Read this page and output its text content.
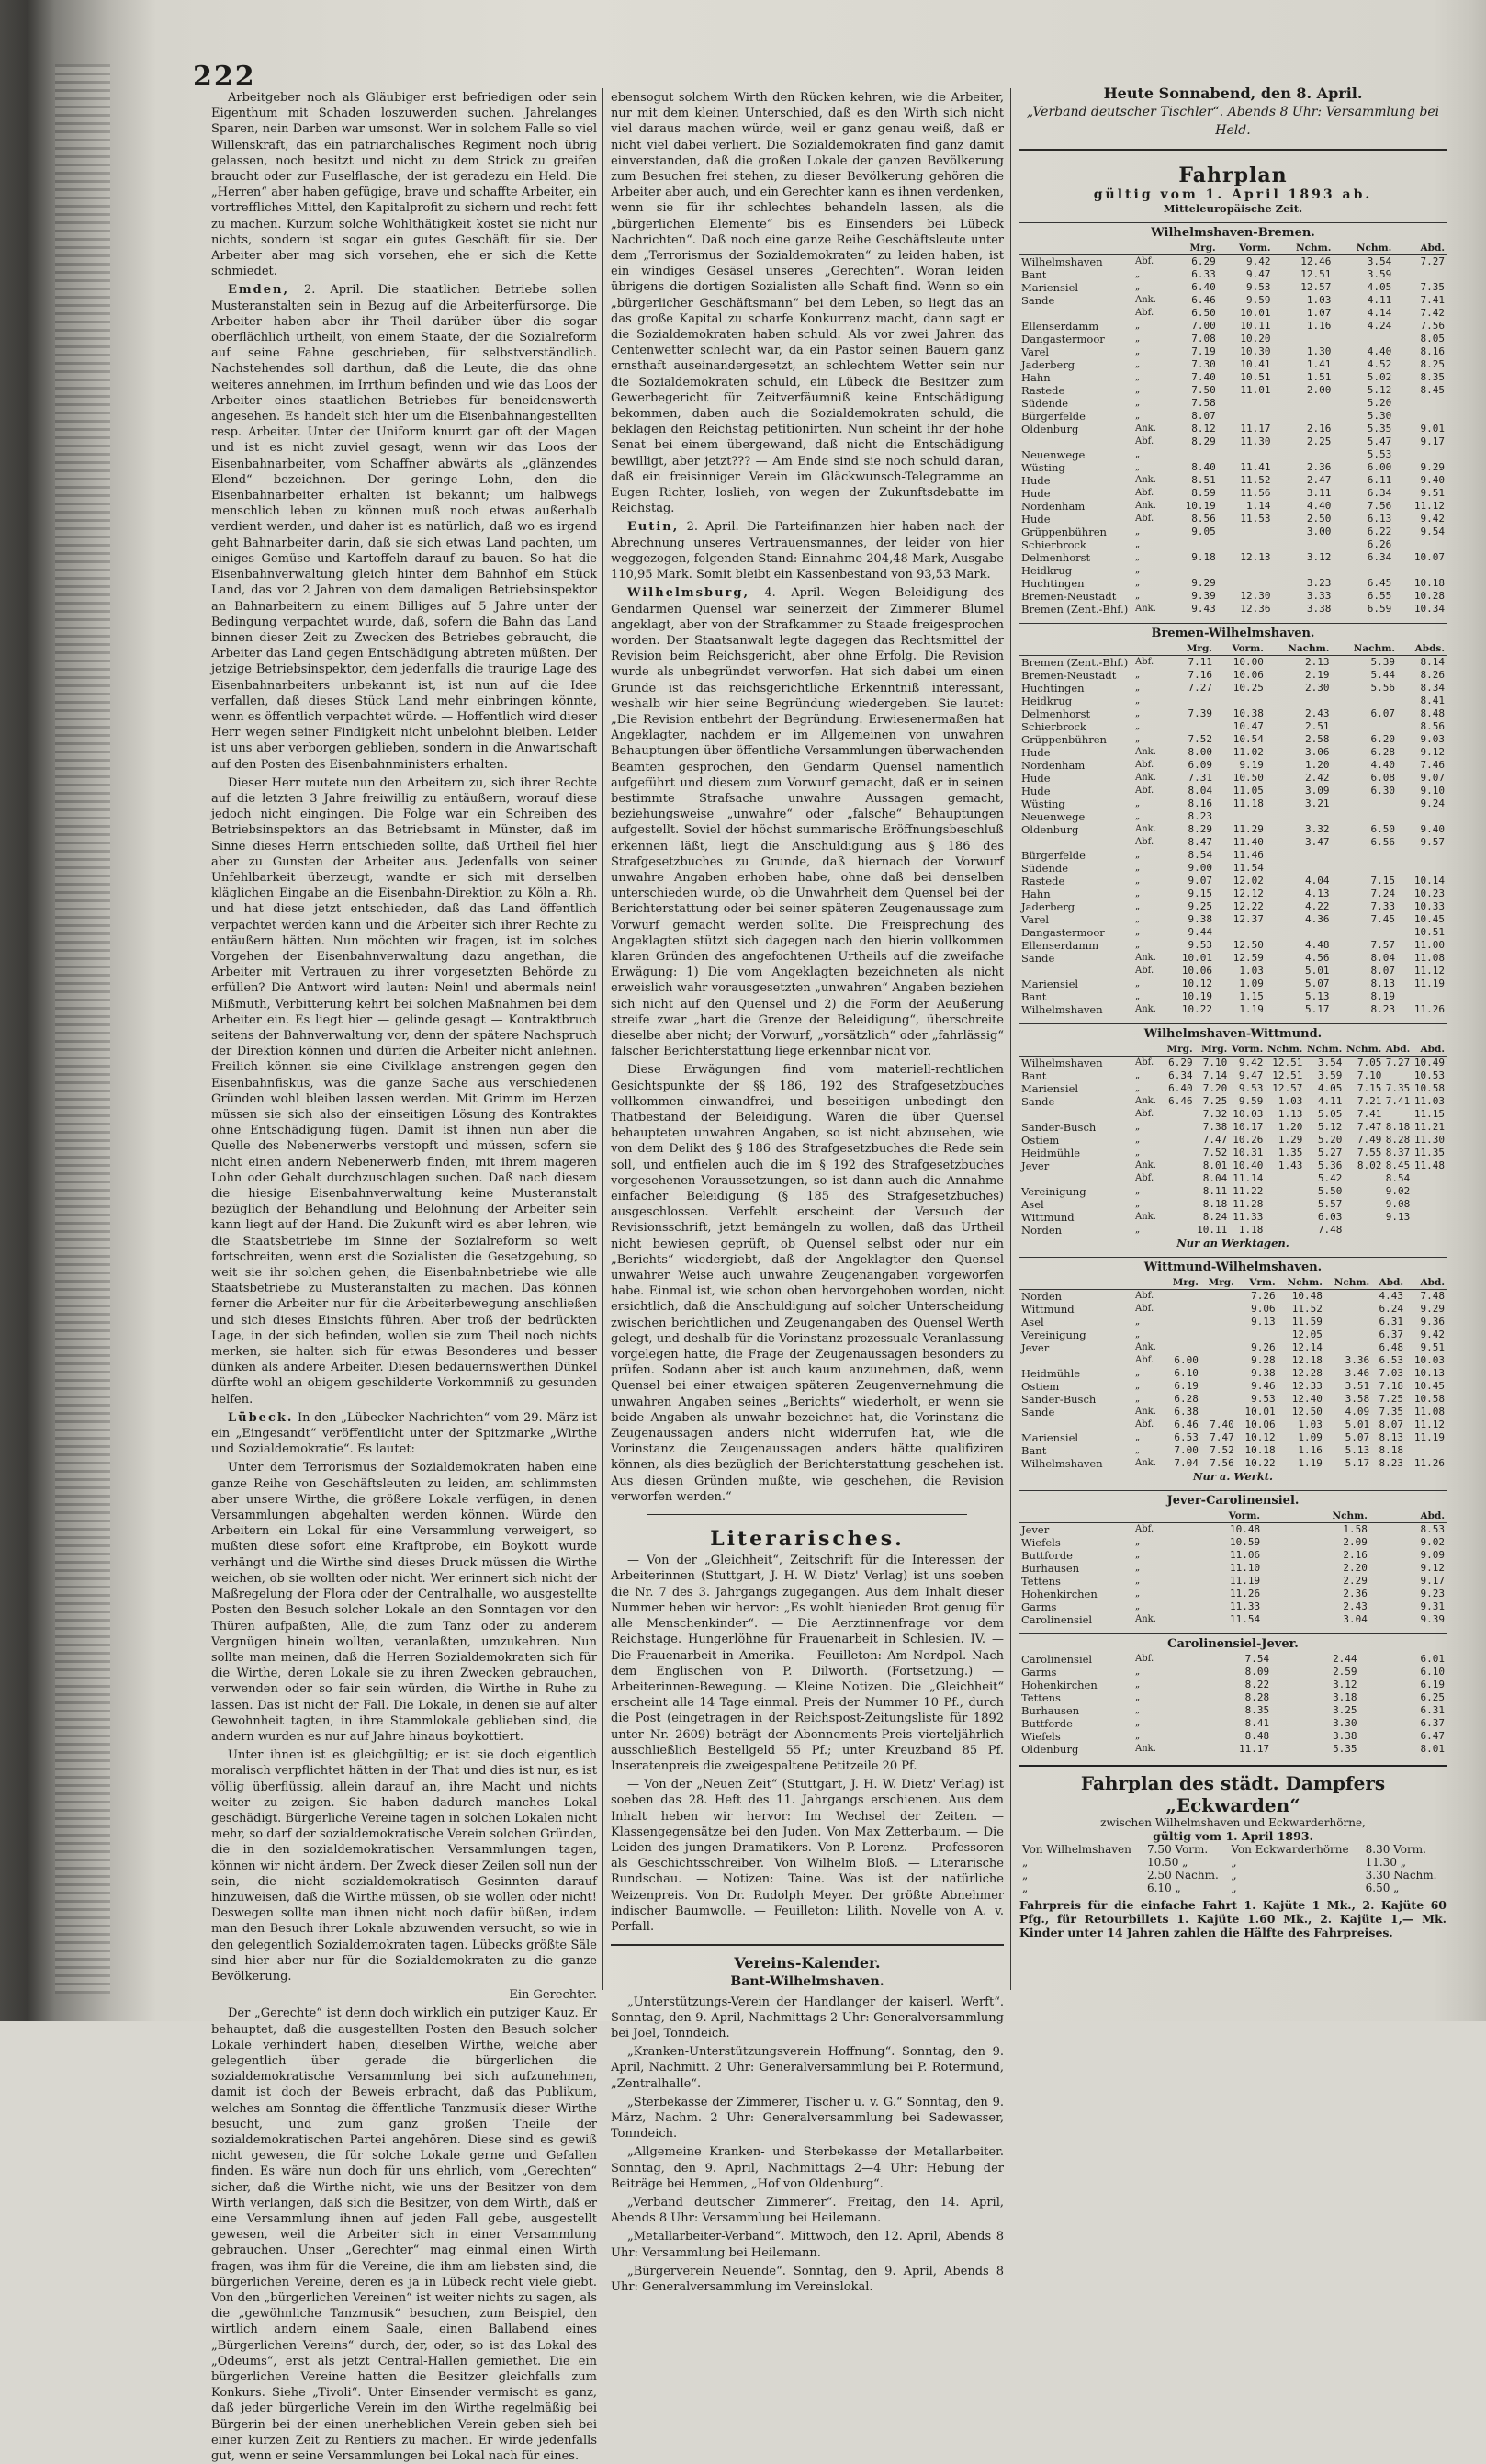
222

Arbeitgeber noch als Gläubiger erst befriedigen oder sein Eigenthum mit Schaden loszuwerden suchen. Jahrelanges Sparen, nein Darben war umsonst. Wer in solchem Falle so viel Willenskraft, das ein patriarchalisches Regiment noch übrig gelassen, noch besitzt und nicht zu dem Strick zu greifen braucht oder zur Fuselflasche, der ist geradezu ein Held. Die „Herren“ aber haben gefügige, brave und schaffte Arbeiter, ein vortreffliches Mittel, den Kapitalprofit zu sichern und recht fett zu machen. Kurzum solche Wohlthätigkeit kostet sie nicht nur nichts, sondern ist sogar ein gutes Geschäft für sie. Der Arbeiter aber mag sich vorsehen, ehe er sich die Kette schmiedet.

Emden, 2. April. Die staatlichen Betriebe sollen Musteranstalten sein in Bezug auf die Arbeiterfürsorge. Die Arbeiter haben aber ihr Theil darüber über die sogar oberflächlich urtheilt, von einem Staate, der die Sozialreform auf seine Fahne geschrieben, für selbstverständlich. Nachstehendes soll darthun, daß die Leute, die das ohne weiteres annehmen, im Irrthum befinden und wie das Loos der Arbeiter eines staatlichen Betriebes für beneidenswerth angesehen. Es handelt sich hier um die Eisenbahnangestellten resp. Arbeiter. Unter der Uniform knurrt gar oft der Magen und ist es nicht zuviel gesagt, wenn wir das Loos der Eisenbahnarbeiter, vom Schaffner abwärts als „glänzendes Elend“ bezeichnen. Der geringe Lohn, den die Eisenbahnarbeiter erhalten ist bekannt; um halbwegs menschlich leben zu können muß noch etwas außerhalb verdient werden, und daher ist es natürlich, daß wo es irgend geht Bahnarbeiter darin, daß sie sich etwas Land pachten, um einiges Gemüse und Kartoffeln darauf zu bauen. So hat die Eisenbahnverwaltung gleich hinter dem Bahnhof ein Stück Land, das vor 2 Jahren von dem damaligen Betriebsinspektor an Bahnarbeitern zu einem Billiges auf 5 Jahre unter der Bedingung verpachtet wurde, daß, sofern die Bahn das Land binnen dieser Zeit zu Zwecken des Betriebes gebraucht, die Arbeiter das Land gegen Entschädigung abtreten müßten. Der jetzige Betriebsinspektor, dem jedenfalls die traurige Lage des Eisenbahnarbeiters unbekannt ist, ist nun auf die Idee verfallen, daß dieses Stück Land mehr einbringen könnte, wenn es öffentlich verpachtet würde. — Hoffentlich wird dieser Herr wegen seiner Findigkeit nicht unbelohnt bleiben. Leider ist uns aber verborgen geblieben, sondern in die Anwartschaft auf den Posten des Eisenbahnministers erhalten.

Dieser Herr mutete nun den Arbeitern zu, sich ihrer Rechte auf die letzten 3 Jahre freiwillig zu entäußern, worauf diese jedoch nicht eingingen. Die Folge war ein Schreiben des Betriebsinspektors an das Betriebsamt in Münster, daß im Sinne dieses Herrn entschieden sollte, daß Urtheil fiel hier aber zu Gunsten der Arbeiter aus. Jedenfalls von seiner Unfehlbarkeit überzeugt, wandte er sich mit derselben kläglichen Eingabe an die Eisenbahn-Direktion zu Köln a. Rh. und hat diese jetzt entschieden, daß das Land öffentlich verpachtet werden kann und die Arbeiter sich ihrer Rechte zu entäußern hätten. Nun möchten wir fragen, ist im solches Vorgehen der Eisenbahnverwaltung dazu angethan, die Arbeiter mit Vertrauen zu ihrer vorgesetzten Behörde zu erfüllen? Die Antwort wird lauten: Nein! und abermals nein! Mißmuth, Verbitterung kehrt bei solchen Maßnahmen bei dem Arbeiter ein. Es liegt hier — gelinde gesagt — Kontraktbruch seitens der Bahnverwaltung vor, denn der spätere Nachspruch der Direktion können und dürfen die Arbeiter nicht anlehnen. Freilich können sie eine Civilklage anstrengen gegen den Eisenbahnfiskus, was die ganze Sache aus verschiedenen Gründen wohl bleiben lassen werden. Mit Grimm im Herzen müssen sie sich also der einseitigen Lösung des Kontraktes ohne Entschädigung fügen. Damit ist ihnen nun aber die Quelle des Nebenerwerbs verstopft und müssen, sofern sie nicht einen andern Nebenerwerb finden, mit ihrem mageren Lohn oder Gehalt durchzuschlagen suchen. Daß nach diesem die hiesige Eisenbahnverwaltung keine Musteranstalt bezüglich der Behandlung und Belohnung der Arbeiter sein kann liegt auf der Hand. Die Zukunft wird es aber lehren, wie die Staatsbetriebe im Sinne der Sozialreform so weit fortschreiten, wenn erst die Sozialisten die Gesetzgebung, so weit sie ihr solchen gehen, die Eisenbahnbetriebe wie alle Staatsbetriebe zu Musteranstalten zu machen. Das können ferner die Arbeiter nur für die Arbeiterbewegung anschließen und sich dieses Einsichts führen. Aber troß der bedrückten Lage, in der sich befinden, wollen sie zum Theil noch nichts merken, sie halten sich für etwas Besonderes und besser dünken als andere Arbeiter. Diesen bedauernswerthen Dünkel dürfte wohl an obigem geschilderte Vorkommniß zu gesunden helfen.

Lübeck. In den „Lübecker Nachrichten“ vom 29. März ist ein „Eingesandt“ veröffentlicht unter der Spitzmarke „Wirthe und Sozialdemokratie“. Es lautet:

Unter dem Terrorismus der Sozialdemokraten haben eine ganze Reihe von Geschäftsleuten zu leiden, am schlimmsten aber unsere Wirthe, die größere Lokale verfügen, in denen Versammlungen abgehalten werden können. Würde den Arbeitern ein Lokal für eine Versammlung verweigert, so mußten diese sofort eine Kraftprobe, ein Boykott wurde verhängt und die Wirthe sind dieses Druck müssen die Wirthe weichen, ob sie wollten oder nicht. Wer erinnert sich nicht der Maßregelung der Flora oder der Centralhalle, wo ausgestellte Posten den Besuch solcher Lokale an den Sonntagen vor den Thüren aufpaßten, Alle, die zum Tanz oder zu anderem Vergnügen hinein wollten, veranlaßten, umzukehren. Nun sollte man meinen, daß die Herren Sozialdemokraten sich für die Wirthe, deren Lokale sie zu ihren Zwecken gebrauchen, verwenden oder so fair sein würden, die Wirthe in Ruhe zu lassen. Das ist nicht der Fall. Die Lokale, in denen sie auf alter Gewohnheit tagten, in ihre Stammlokale geblieben sind, die andern wurden es nur auf Jahre hinaus boykottiert.

Unter ihnen ist es gleichgültig; er ist sie doch eigentlich moralisch verpflichtet hätten in der That und dies ist nur, es ist völlig überflüssig, allein darauf an, ihre Macht und nichts weiter zu zeigen. Sie haben dadurch manches Lokal geschädigt. Bürgerliche Vereine tagen in solchen Lokalen nicht mehr, so darf der sozialdemokratische Verein solchen Gründen, die in den sozialdemokratischen Versammlungen tagen, können wir nicht ändern. Der Zweck dieser Zeilen soll nun der sein, die nicht sozialdemokratisch Gesinnten darauf hinzuweisen, daß die Wirthe müssen, ob sie wollen oder nicht! Deswegen sollte man ihnen nicht noch dafür büßen, indem man den Besuch ihrer Lokale abzuwenden versucht, so wie in den gelegentlich Sozialdemokraten tagen. Lübecks größte Säle sind hier aber nur für die Sozialdemokraten zu die ganze Bevölkerung.

Ein Gerechter.

Der „Gerechte“ ist denn doch wirklich ein putziger Kauz. Er behauptet, daß die ausgestellten Posten den Besuch solcher Lokale verhindert haben, dieselben Wirthe, welche aber gelegentlich über gerade die bürgerlichen die sozialdemokratische Versammlung bei sich aufzunehmen, damit ist doch der Beweis erbracht, daß das Publikum, welches am Sonntag die öffentliche Tanzmusik dieser Wirthe besucht, und zum ganz großen Theile der sozialdemokratischen Partei angehören. Diese sind es gewiß nicht gewesen, die für solche Lokale gerne und Gefallen finden. Es wäre nun doch für uns ehrlich, vom „Gerechten“ sicher, daß die Wirthe nicht, wie uns der Besitzer von dem Wirth verlangen, daß sich die Besitzer, von dem Wirth, daß er eine Versammlung ihnen auf jeden Fall gebe, ausgestellt gewesen, weil die Arbeiter sich in einer Versammlung gebrauchen. Unser „Gerechter“ mag einmal einen Wirth fragen, was ihm für die Vereine, die ihm am liebsten sind, die bürgerlichen Vereine, deren es ja in Lübeck recht viele giebt. Von den „bürgerlichen Vereinen“ ist weiter nichts zu sagen, als die „gewöhnliche Tanzmusik“ besuchen, zum Beispiel, den wirtlich andern einem Saale, einen Ballabend eines „Bürgerlichen Vereins“ durch, der, oder, so ist das Lokal des „Odeums“, erst als jetzt Central-Hallen gemiethet. Die ein bürgerlichen Vereine hatten die Besitzer gleichfalls zum Konkurs. Siehe „Tivoli“. Unter Einsender vermischt es ganz, daß jeder bürgerliche Verein im den Wirthe regelmäßig bei Bürgerin bei der einen unerheblichen Verein geben sieh bei einer kurzen Zeit zu Rentiers zu machen. Er wirde jedenfalls gut, wenn er seine Versammlungen bei Lokal nach für eines.

ebensogut solchem Wirth den Rücken kehren, wie die Arbeiter, nur mit dem kleinen Unterschied, daß es den Wirth sich nicht viel daraus machen würde, weil er ganz genau weiß, daß er nicht viel dabei verliert. Die Sozialdemokraten find ganz damit einverstanden, daß die großen Lokale der ganzen Bevölkerung zum Besuchen frei stehen, zu dieser Bevölkerung gehören die Arbeiter aber auch, und ein Gerechter kann es ihnen verdenken, wenn sie für ihr schlechtes behandeln lassen, als die „bürgerlichen Elemente“ bis es Einsenders bei Lübeck Nachrichten“. Daß noch eine ganze Reihe Geschäftsleute unter dem „Terrorismus der Sozialdemokraten“ zu leiden haben, ist ein windiges Gesäsel unseres „Gerechten“. Woran leiden übrigens die dortigen Sozialisten alle Schaft find. Wenn so ein „bürgerlicher Geschäftsmann“ bei dem Leben, so liegt das an das große Kapital zu scharfe Konkurrenz macht, dann sagt er die Sozialdemokraten haben schuld. Als vor zwei Jahren das Centenwetter schlecht war, da ein Pastor seinen Bauern ganz ernsthaft auseinandergesetzt, an schlechtem Wetter sein nur die Sozialdemokraten schuld, ein Lübeck die Besitzer zum Gewerbegericht für Zeitverfäumniß keine Entschädigung bekommen, daben auch die Sozialdemokraten schuld, die beklagen den Reichstag petitionirten. Nun scheint ihr der hohe Senat bei einem übergewand, daß nicht die Entschädigung bewilligt, aber jetzt??? — Am Ende sind sie noch schuld daran, daß ein freisinniger Verein im Gläckwunsch-Telegramme an Eugen Richter, loslieh, von wegen der Zukunftsdebatte im Reichstag.

Eutin, 2. April. Die Parteifinanzen hier haben nach der Abrechnung unseres Vertrauensmannes, der leider von hier weggezogen, folgenden Stand: Einnahme 204,48 Mark, Ausgabe 110,95 Mark. Somit bleibt ein Kassenbestand von 93,53 Mark.

Wilhelmsburg, 4. April. Wegen Beleidigung des Gendarmen Quensel war seinerzeit der Zimmerer Blumel angeklagt, aber von der Strafkammer zu Staade freigesprochen worden. Der Staatsanwalt legte dagegen das Rechtsmittel der Revision beim Reichsgericht, aber ohne Erfolg. Die Revision wurde als unbegründet verworfen. Hat sich dabei um einen Grunde ist das reichsgerichtliche Erkenntniß interessant, weshalb wir hier seine Begründung wiedergeben. Sie lautet: „Die Revision entbehrt der Begründung. Erwiesenermaßen hat Angeklagter, nachdem er im Allgemeinen von unwahren Behauptungen über öffentliche Versammlungen überwachenden Beamten gesprochen, den Gendarm Quensel namentlich aufgeführt und diesem zum Vorwurf gemacht, daß er in seinen bestimmte Strafsache unwahre Aussagen gemacht, beziehungsweise „unwahre“ oder „falsche“ Behauptungen aufgestellt. Soviel der höchst summarische Eröffnungsbeschluß erkennen läßt, liegt die Anschuldigung aus § 186 des Strafgesetzbuches zu Grunde, daß hiernach der Vorwurf unwahre Angaben erhoben habe, ohne daß bei denselben unterschieden wurde, ob die Unwahrheit dem Quensel bei der Berichterstattung oder bei seiner späteren Zeugenaussage zum Vorwurf gemacht werden sollte. Die Freisprechung des Angeklagten stützt sich dagegen nach den hierin vollkommen klaren Gründen des angefochtenen Urtheils auf die zweifache Erwägung: 1) Die vom Angeklagten bezeichneten als nicht erweislich wahr vorausgesetzten „unwahren“ Angaben beziehen sich nicht auf den Quensel und 2) die Form der Aeußerung streife zwar „hart die Grenze der Beleidigung“, überschreite dieselbe aber nicht; der Vorwurf, „vorsätzlich“ oder „fahrlässig“ falscher Berichterstattung liege erkennbar nicht vor.

Diese Erwägungen find vom materiell-rechtlichen Gesichtspunkte der §§ 186, 192 des Strafgesetzbuches vollkommen einwandfrei, und beseitigen unbedingt den Thatbestand der Beleidigung. Waren die über Quensel behaupteten unwahren Angaben, so ist nicht abzusehen, wie von dem Delikt des § 186 des Strafgesetzbuches die Rede sein soll, und entfielen auch die im § 192 des Strafgesetzbuches vorgesehenen Voraussetzungen, so ist dann auch die Annahme einfacher Beleidigung (§ 185 des Strafgesetzbuches) ausgeschlossen. Verfehlt erscheint der Versuch der Revisionsschrift, jetzt bemängeln zu wollen, daß das Urtheil nicht bewiesen geprüft, ob Quensel selbst oder nur ein „Berichts“ wiedergiebt, daß der Angeklagter den Quensel unwahrer Weise auch unwahre Zeugenangaben vorgeworfen habe. Einmal ist, wie schon oben hervorgehoben worden, nicht ersichtlich, daß die Anschuldigung auf solcher Unterscheidung zwischen berichtlichen und Zeugenangaben des Quensel Werth gelegt, und deshalb für die Vorinstanz prozessuale Veranlassung vorgelegen hatte, die Frage der Zeugenaussagen besonders zu prüfen. Sodann aber ist auch kaum anzunehmen, daß, wenn Quensel bei einer etwaigen späteren Zeugenvernehmung die unwahren Angaben seines „Berichts“ wiederholt, er wenn sie beide Angaben als unwahr bezeichnet hat, die Vorinstanz die Zeugenaussagen anders nicht widerrufen hat, wie die Vorinstanz die Zeugenaussagen anders hätte qualifiziren können, als dies bezüglich der Berichterstattung geschehen ist. Aus diesen Gründen mußte, wie geschehen, die Revision verworfen werden.“

Literarisches.

— Von der „Gleichheit“, Zeitschrift für die Interessen der Arbeiterinnen (Stuttgart, J. H. W. Dietz' Verlag) ist uns soeben die Nr. 7 des 3. Jahrgangs zugegangen. Aus dem Inhalt dieser Nummer heben wir hervor: „Es wohlt hienieden Brot genug für alle Menschenkinder“. — Die Aerztinnenfrage vor dem Reichstage. Hungerlöhne für Frauenarbeit in Schlesien. IV. — Die Frauenarbeit in Amerika. — Feuilleton: Am Nordpol. Nach dem Englischen von P. Dilworth. (Fortsetzung.) — Arbeiterinnen-Bewegung. — Kleine Notizen. Die „Gleichheit“ erscheint alle 14 Tage einmal. Preis der Nummer 10 Pf., durch die Post (eingetragen in der Reichspost-Zeitungsliste für 1892 unter Nr. 2609) beträgt der Abonnements-Preis vierteljährlich ausschließlich Bestellgeld 55 Pf.; unter Kreuzband 85 Pf. Inseratenpreis die zweigespaltene Petitzeile 20 Pf.

— Von der „Neuen Zeit“ (Stuttgart, J. H. W. Dietz' Verlag) ist soeben das 28. Heft des 11. Jahrgangs erschienen. Aus dem Inhalt heben wir hervor: Im Wechsel der Zeiten. — Klassengegensätze bei den Juden. Von Max Zetterbaum. — Die Leiden des jungen Dramatikers. Von P. Lorenz. — Professoren als Geschichtsschreiber. Von Wilhelm Bloß. — Literarische Rundschau. — Notizen: Taine. Was ist der natürliche Weizenpreis. Von Dr. Rudolph Meyer. Der größte Abnehmer indischer Baumwolle. — Feuilleton: Lilith. Novelle von A. v. Perfall.

Vereins-Kalender.
Bant-Wilhelmshaven.

„Unterstützungs-Verein der Handlanger der kaiserl. Werft“. Sonntag, den 9. April, Nachmittags 2 Uhr: Generalversammlung bei Joel, Tonndeich.

„Kranken-Unterstützungsverein Hoffnung“. Sonntag, den 9. April, Nachmitt. 2 Uhr: Generalversammlung bei P. Rotermund, „Zentralhalle“.

„Sterbekasse der Zimmerer, Tischer u. v. G.“ Sonntag, den 9. März, Nachm. 2 Uhr: Generalversammlung bei Sadewasser, Tonndeich.

„Allgemeine Kranken- und Sterbekasse der Metallarbeiter. Sonntag, den 9. April, Nachmittags 2—4 Uhr: Hebung der Beiträge bei Hemmen, „Hof von Oldenburg“.

„Verband deutscher Zimmerer“. Freitag, den 14. April, Abends 8 Uhr: Versammlung bei Heilemann.

„Metallarbeiter-Verband“. Mittwoch, den 12. April, Abends 8 Uhr: Versammlung bei Heilemann.

„Bürgerverein Neuende“. Sonntag, den 9. April, Abends 8 Uhr: Generalversammlung im Vereinslokal.

Heute Sonnabend, den 8. April.
„Verband deutscher Tischler“. Abends 8 Uhr: Versammlung bei Held.
Fahrplan
gültig vom 1. April 1893 ab.
Mitteleuropäische Zeit.
Wilhelmshaven-Bremen.
		Mrg.	Vorm.	Nchm.	Nchm.	Abd.
Wilhelmshaven	Abf.	6.29	9.42	12.46	3.54	7.27
Bant	„	6.33	9.47	12.51	3.59	
Mariensiel	„	6.40	9.53	12.57	4.05	7.35
Sande	Ank.	6.46	9.59	1.03	4.11	7.41
	Abf.	6.50	10.01	1.07	4.14	7.42
Ellenserdamm	„	7.00	10.11	1.16	4.24	7.56
Dangastermoor	„	7.08	10.20			8.05
Varel	„	7.19	10.30	1.30	4.40	8.16
Jaderberg	„	7.30	10.41	1.41	4.52	8.25
Hahn	„	7.40	10.51	1.51	5.02	8.35
Rastede	„	7.50	11.01	2.00	5.12	8.45
Südende	„	7.58			5.20	
Bürgerfelde	„	8.07			5.30	
Oldenburg	Ank.	8.12	11.17	2.16	5.35	9.01
	Abf.	8.29	11.30	2.25	5.47	9.17
Neuenwege	„				5.53	
Wüsting	„	8.40	11.41	2.36	6.00	9.29
Hude	Ank.	8.51	11.52	2.47	6.11	9.40
Hude	Abf.	8.59	11.56	3.11	6.34	9.51
Nordenham	Ank.	10.19	1.14	4.40	7.56	11.12
Hude	Abf.	8.56	11.53	2.50	6.13	9.42
Grüppenbühren	„	9.05		3.00	6.22	9.54
Schierbrock	„				6.26	
Delmenhorst	„	9.18	12.13	3.12	6.34	10.07
Heidkrug	„					
Huchtingen	„	9.29		3.23	6.45	10.18
Bremen-Neustadt	„	9.39	12.30	3.33	6.55	10.28
Bremen (Zent.-Bhf.)	Ank.	9.43	12.36	3.38	6.59	10.34
Bremen-Wilhelmshaven.
		Mrg.	Vorm.	Nachm.	Nachm.	Abds.
Bremen (Zent.-Bhf.)	Abf.	7.11	10.00	2.13	5.39	8.14
Bremen-Neustadt	„	7.16	10.06	2.19	5.44	8.26
Huchtingen	„	7.27	10.25	2.30	5.56	8.34
Heidkrug	„					8.41
Delmenhorst	„	7.39	10.38	2.43	6.07	8.48
Schierbrock	„		10.47	2.51		8.56
Grüppenbühren	„	7.52	10.54	2.58	6.20	9.03
Hude	Ank.	8.00	11.02	3.06	6.28	9.12
Nordenham	Abf.	6.09	9.19	1.20	4.40	7.46
Hude	Ank.	7.31	10.50	2.42	6.08	9.07
Hude	Abf.	8.04	11.05	3.09	6.30	9.10
Wüsting	„	8.16	11.18	3.21		9.24
Neuenwege	„	8.23				
Oldenburg	Ank.	8.29	11.29	3.32	6.50	9.40
	Abf.	8.47	11.40	3.47	6.56	9.57
Bürgerfelde	„	8.54	11.46			
Südende	„	9.00	11.54			
Rastede	„	9.07	12.02	4.04	7.15	10.14
Hahn	„	9.15	12.12	4.13	7.24	10.23
Jaderberg	„	9.25	12.22	4.22	7.33	10.33
Varel	„	9.38	12.37	4.36	7.45	10.45
Dangastermoor	„	9.44				10.51
Ellenserdamm	„	9.53	12.50	4.48	7.57	11.00
Sande	Ank.	10.01	12.59	4.56	8.04	11.08
	Abf.	10.06	1.03	5.01	8.07	11.12
Mariensiel	„	10.12	1.09	5.07	8.13	11.19
Bant	„	10.19	1.15	5.13	8.19	
Wilhelmshaven	Ank.	10.22	1.19	5.17	8.23	11.26
Wilhelmshaven-Wittmund.
		Mrg.	Mrg.	Vorm.	Nchm.	Nchm.	Nchm.	Abd.	Abd.
Wilhelmshaven	Abf.	6.29	7.10	9.42	12.51	3.54	7.05	7.27	10.49
Bant	„	6.34	7.14	9.47	12.51	3.59	7.10		10.53
Mariensiel	„	6.40	7.20	9.53	12.57	4.05	7.15	7.35	10.58
Sande	Ank.	6.46	7.25	9.59	1.03	4.11	7.21	7.41	11.03
	Abf.		7.32	10.03	1.13	5.05	7.41		11.15
Sander-Busch	„		7.38	10.17	1.20	5.12	7.47	8.18	11.21
Ostiem	„		7.47	10.26	1.29	5.20	7.49	8.28	11.30
Heidmühle	„		7.52	10.31	1.35	5.27	7.55	8.37	11.35
Jever	Ank.		8.01	10.40	1.43	5.36	8.02	8.45	11.48
	Abf.		8.04	11.14		5.42		8.54	
Vereinigung	„		8.11	11.22		5.50		9.02	
Asel	„		8.18	11.28		5.57		9.08	
Wittmund	Ank.		8.24	11.33		6.03		9.13	
Norden	„		10.11	1.18		7.48			
Nur an Werktagen.
Wittmund-Wilhelmshaven.
		Mrg.	Mrg.	Vrm.	Nchm.	Nchm.	Abd.	Abd.
Norden	Abf.			7.26	10.48		4.43	7.48
Wittmund	Abf.			9.06	11.52		6.24	9.29
Asel	„			9.13	11.59		6.31	9.36
Vereinigung	„				12.05		6.37	9.42
Jever	Ank.			9.26	12.14		6.48	9.51
	Abf.	6.00		9.28	12.18	3.36	6.53	10.03
Heidmühle	„	6.10		9.38	12.28	3.46	7.03	10.13
Ostiem	„	6.19		9.46	12.33	3.51	7.18	10.45
Sander-Busch	„	6.28		9.53	12.40	3.58	7.25	10.58
Sande	Ank.	6.38		10.01	12.50	4.09	7.35	11.08
	Abf.	6.46	7.40	10.06	1.03	5.01	8.07	11.12
Mariensiel	„	6.53	7.47	10.12	1.09	5.07	8.13	11.19
Bant	„	7.00	7.52	10.18	1.16	5.13	8.18	
Wilhelmshaven	Ank.	7.04	7.56	10.22	1.19	5.17	8.23	11.26
Nur a. Werkt.
Jever-Carolinensiel.
		Vorm.	Nchm.	Abd.
Jever	Abf.	10.48	1.58	8.53
Wiefels	„	10.59	2.09	9.02
Buttforde	„	11.06	2.16	9.09
Burhausen	„	11.10	2.20	9.12
Tettens	„	11.19	2.29	9.17
Hohenkirchen	„	11.26	2.36	9.23
Garms	„	11.33	2.43	9.31
Carolinensiel	Ank.	11.54	3.04	9.39
Carolinensiel-Jever.
Carolinensiel	Abf.	7.54	2.44	6.01
Garms	„	8.09	2.59	6.10
Hohenkirchen	„	8.22	3.12	6.19
Tettens	„	8.28	3.18	6.25
Burhausen	„	8.35	3.25	6.31
Buttforde	„	8.41	3.30	6.37
Wiefels	„	8.48	3.38	6.47
Oldenburg	Ank.	11.17	5.35	8.01
Fahrplan des städt. Dampfers „Eckwarden“
zwischen Wilhelmshaven und Eckwarderhörne,
gültig vom 1. April 1893.
Von Wilhelmshaven	7.50 Vorm.	Von Eckwarderhörne	8.30 Vorm.
„	10.50 „	„	11.30 „
„	2.50 Nachm.	„	3.30 Nachm.
„	6.10 „	„	6.50 „
Fahrpreis für die einfache Fahrt 1. Kajüte 1 Mk., 2. Kajüte 60 Pfg., für Retourbillets 1. Kajüte 1.60 Mk., 2. Kajüte 1,— Mk. Kinder unter 14 Jahren zahlen die Hälfte des Fahrpreises.
